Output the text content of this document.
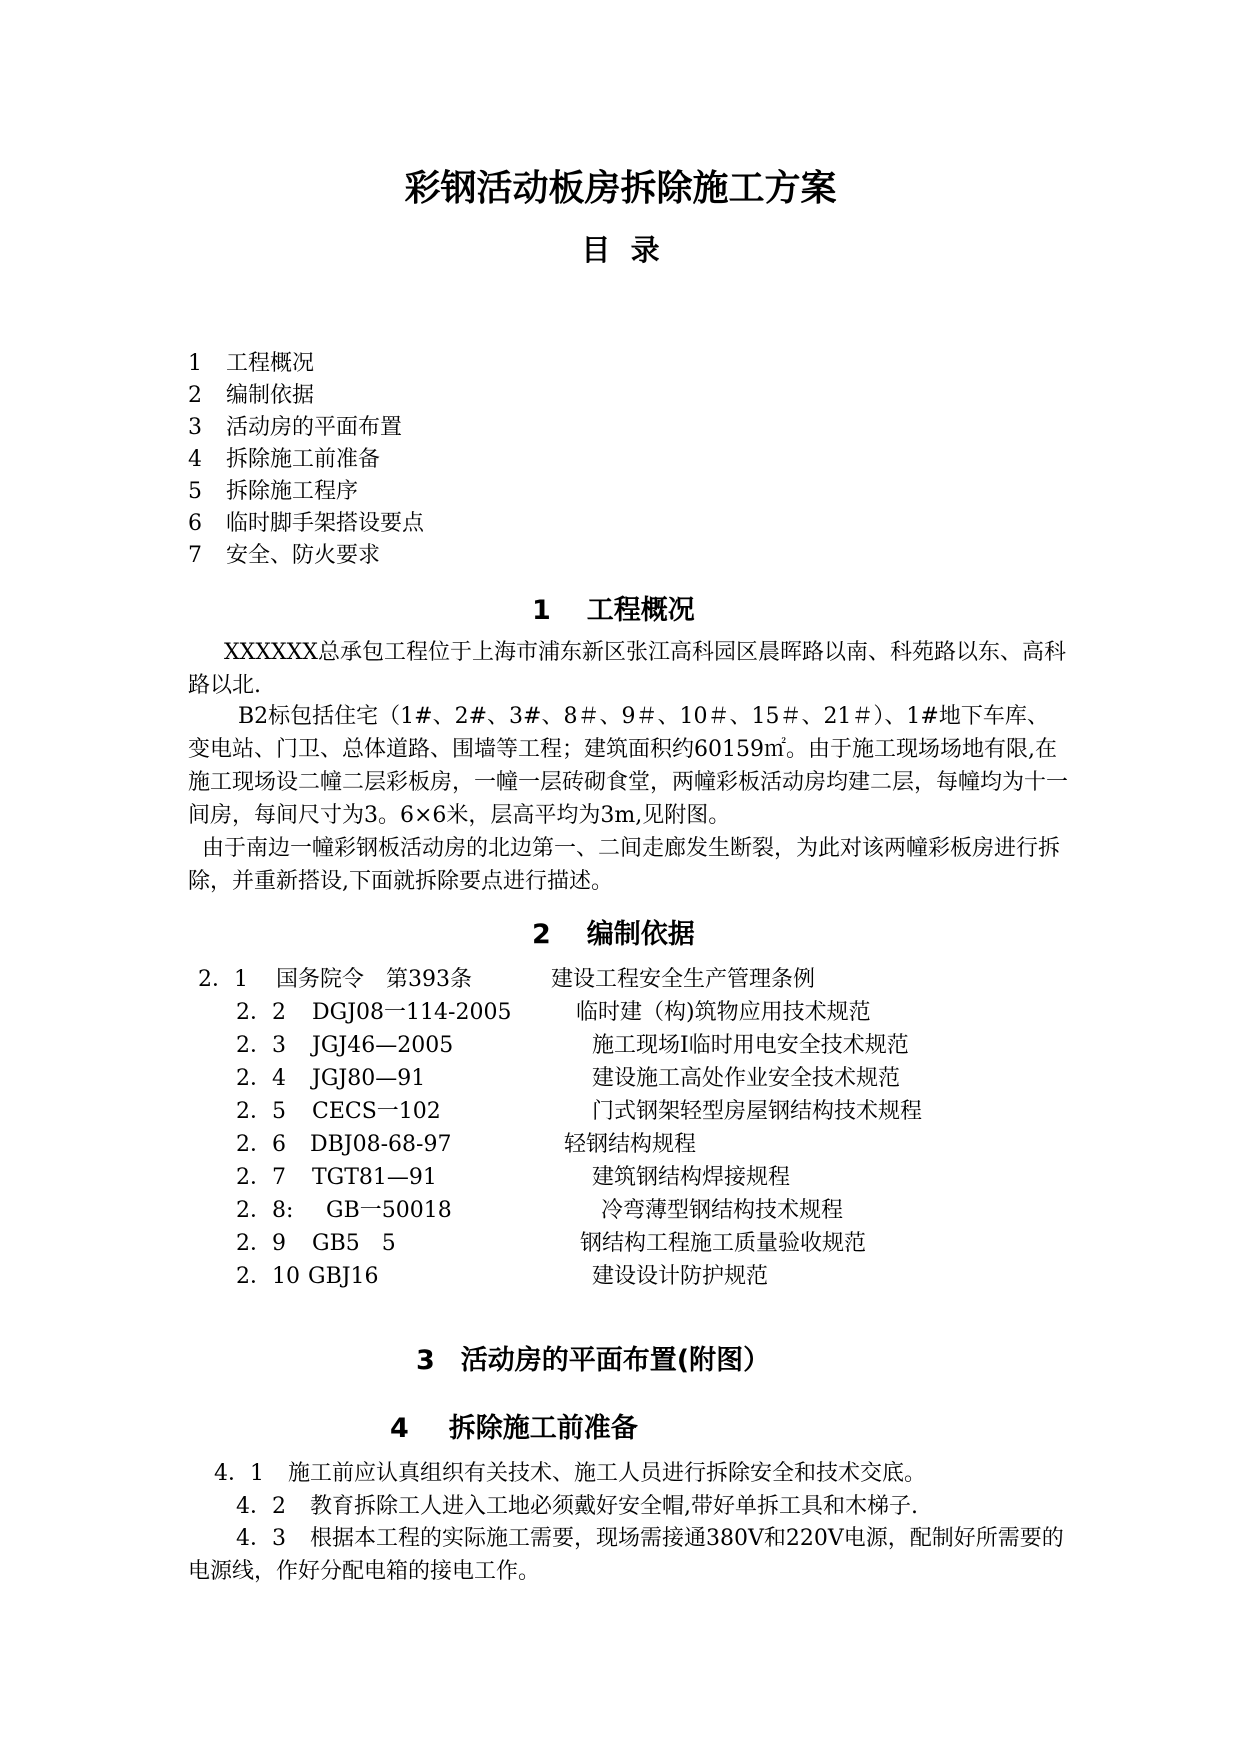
彩钢活动板房拆除施工方案
目  录
1 工程概况
2 编制依据
3 活动房的平面布置
4 拆除施工前准备
5 拆除施工程序
6 临时脚手架搭设要点
7 安全、防火要求
1 工程概况

XXXXXX总承包工程位于上海市浦东新区张江高科园区晨晖路以南、科苑路以东、高科路以北.

B2标包括住宅（1#、2#、3#、8＃、9＃、10＃、15＃、21＃）、1#地下车库、变电站、门卫、总体道路、围墙等工程；建筑面积约60159㎡。由于施工现场场地有限,在施工现场设二幢二层彩板房，一幢一层砖砌食堂，两幢彩板活动房均建二层，每幢均为十一间房，每间尺寸为3。6×6米，层高平均为3m,见附图。

由于南边一幢彩钢板活动房的北边第一、二间走廊发生断裂，为此对该两幢彩板房进行拆除，并重新搭设,下面就拆除要点进行描述。

2 编制依据
2．1 国务院令　第393条	建设工程安全生产管理条例
2．2 DGJ08一114-2005	临时建（构)筑物应用技术规范
2．3 JGJ46—2005	施工现场Ⅰ临时用电安全技术规范
2．4 JGJ80—91	建设施工高处作业安全技术规范
2．5 CECS一102	门式钢架轻型房屋钢结构技术规程
2．6 DBJ08-68-97	轻钢结构规程
2．7 TGT81—91	建筑钢结构焊接规程
2．8: GB一50018	冷弯薄型钢结构技术规程
2．9 GB5　5	钢结构工程施工质量验收规范
2．10 GBJ16	建设设计防护规范
3 活动房的平面布置(附图）
4 拆除施工前准备
4．1 施工前应认真组织有关技术、施工人员进行拆除安全和技术交底。
4．2 教育拆除工人进入工地必须戴好安全帽,带好单拆工具和木梯子.

4．3 根据本工程的实际施工需要，现场需接通380V和220V电源，配制好所需要的电源线，作好分配电箱的接电工作。
